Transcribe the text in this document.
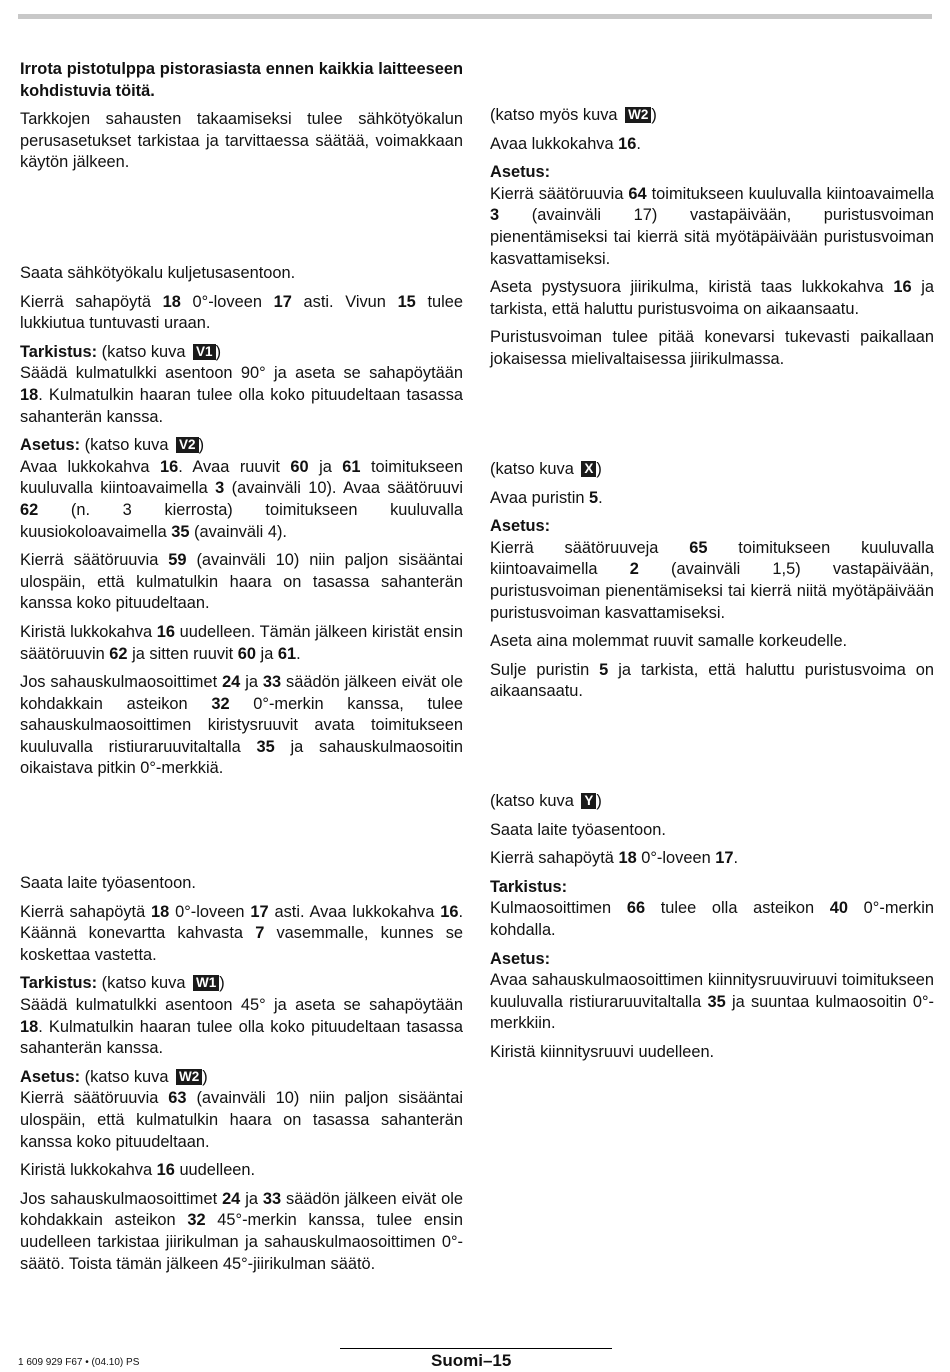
Irrota pistotulppa pistorasiasta ennen kaikkia laitteeseen kohdistuvia töitä.

Tarkkojen sahausten takaamiseksi tulee sähkötyökalun perusasetukset tarkistaa ja tarvittaessa säätää, voimakkaan käytön jälkeen.

Saata sähkötyökalu kuljetusasentoon.

Kierrä sahapöytä 18 0°-loveen 17 asti. Vivun 15 tulee lukkiutua tuntuvasti uraan.

Tarkistus: (katso kuva V1 )
Säädä kulmatulkki asentoon 90° ja aseta se sahapöytään 18. Kulmatulkin haaran tulee olla koko pituudeltaan tasassa sahanterän kanssa.

Asetus: (katso kuva V2 )
Avaa lukkokahva 16. Avaa ruuvit 60 ja 61 toimitukseen kuuluvalla kiintoavaimella 3 (avainväli 10). Avaa säätöruuvi 62 (n. 3 kierrosta) toimitukseen kuuluvalla kuusiokoloavaimella 35 (avainväli 4).

Kierrä säätöruuvia 59 (avainväli 10) niin paljon sisääntai ulospäin, että kulmatulkin haara on tasassa sahanterän kanssa koko pituudeltaan.

Kiristä lukkokahva 16 uudelleen. Tämän jälkeen kiristät ensin säätöruuvin 62 ja sitten ruuvit 60 ja 61.

Jos sahauskulmaosoittimet 24 ja 33 säädön jälkeen eivät ole kohdakkain asteikon 32 0°-merkin kanssa, tulee sahauskulmaosoittimen kiristysruuvit avata toimitukseen kuuluvalla ristiuraruuvitaltalla 35 ja sahauskulmaosoitin oikaistava pitkin 0°-merkkiä.

Saata laite työasentoon.

Kierrä sahapöytä 18 0°-loveen 17 asti. Avaa lukkokahva 16. Käännä konevartta kahvasta 7 vasemmalle, kunnes se koskettaa vastetta.

Tarkistus: (katso kuva W1 )
Säädä kulmatulkki asentoon 45° ja aseta se sahapöytään 18. Kulmatulkin haaran tulee olla koko pituudeltaan tasassa sahanterän kanssa.

Asetus: (katso kuva W2 )
Kierrä säätöruuvia 63 (avainväli 10) niin paljon sisääntai ulospäin, että kulmatulkin haara on tasassa sahanterän kanssa koko pituudeltaan.

Kiristä lukkokahva 16 uudelleen.

Jos sahauskulmaosoittimet 24 ja 33 säädön jälkeen eivät ole kohdakkain asteikon 32 45°-merkin kanssa, tulee ensin uudelleen tarkistaa jiirikulman ja sahauskulmaosoittimen 0°-säätö. Toista tämän jälkeen 45°-jiirikulman säätö.

(katso myös kuva W2 )

Avaa lukkokahva 16.

Asetus:
Kierrä säätöruuvia 64 toimitukseen kuuluvalla kiintoavaimella 3 (avainväli 17) vastapäivään, puristusvoiman pienentämiseksi tai kierrä sitä myötäpäivään puristusvoiman kasvattamiseksi.

Aseta pystysuora jiirikulma, kiristä taas lukkokahva 16 ja tarkista, että haluttu puristusvoima on aikaansaatu.

Puristusvoiman tulee pitää konevarsi tukevasti paikallaan jokaisessa mielivaltaisessa jiirikulmassa.

(katso kuva X )

Avaa puristin 5.

Asetus:
Kierrä säätöruuveja 65 toimitukseen kuuluvalla kiintoavaimella 2 (avainväli 1,5) vastapäivään, puristusvoiman pienentämiseksi tai kierrä niitä myötäpäivään puristusvoiman kasvattamiseksi.

Aseta aina molemmat ruuvit samalle korkeudelle.

Sulje puristin 5 ja tarkista, että haluttu puristusvoima on aikaansaatu.

(katso kuva Y )

Saata laite työasentoon.

Kierrä sahapöytä 18 0°-loveen 17.

Tarkistus:
Kulmaosoittimen 66 tulee olla asteikon 40 0°-merkin kohdalla.

Asetus:
Avaa sahauskulmaosoittimen kiinnitysruuviruuvi toimitukseen kuuluvalla ristiuraruuvitaltalla 35 ja suuntaa kulmaosoitin 0°-merkkiin.

Kiristä kiinnitysruuvi uudelleen.

1 609 929 F67 • (04.10) PS	Suomi–15
